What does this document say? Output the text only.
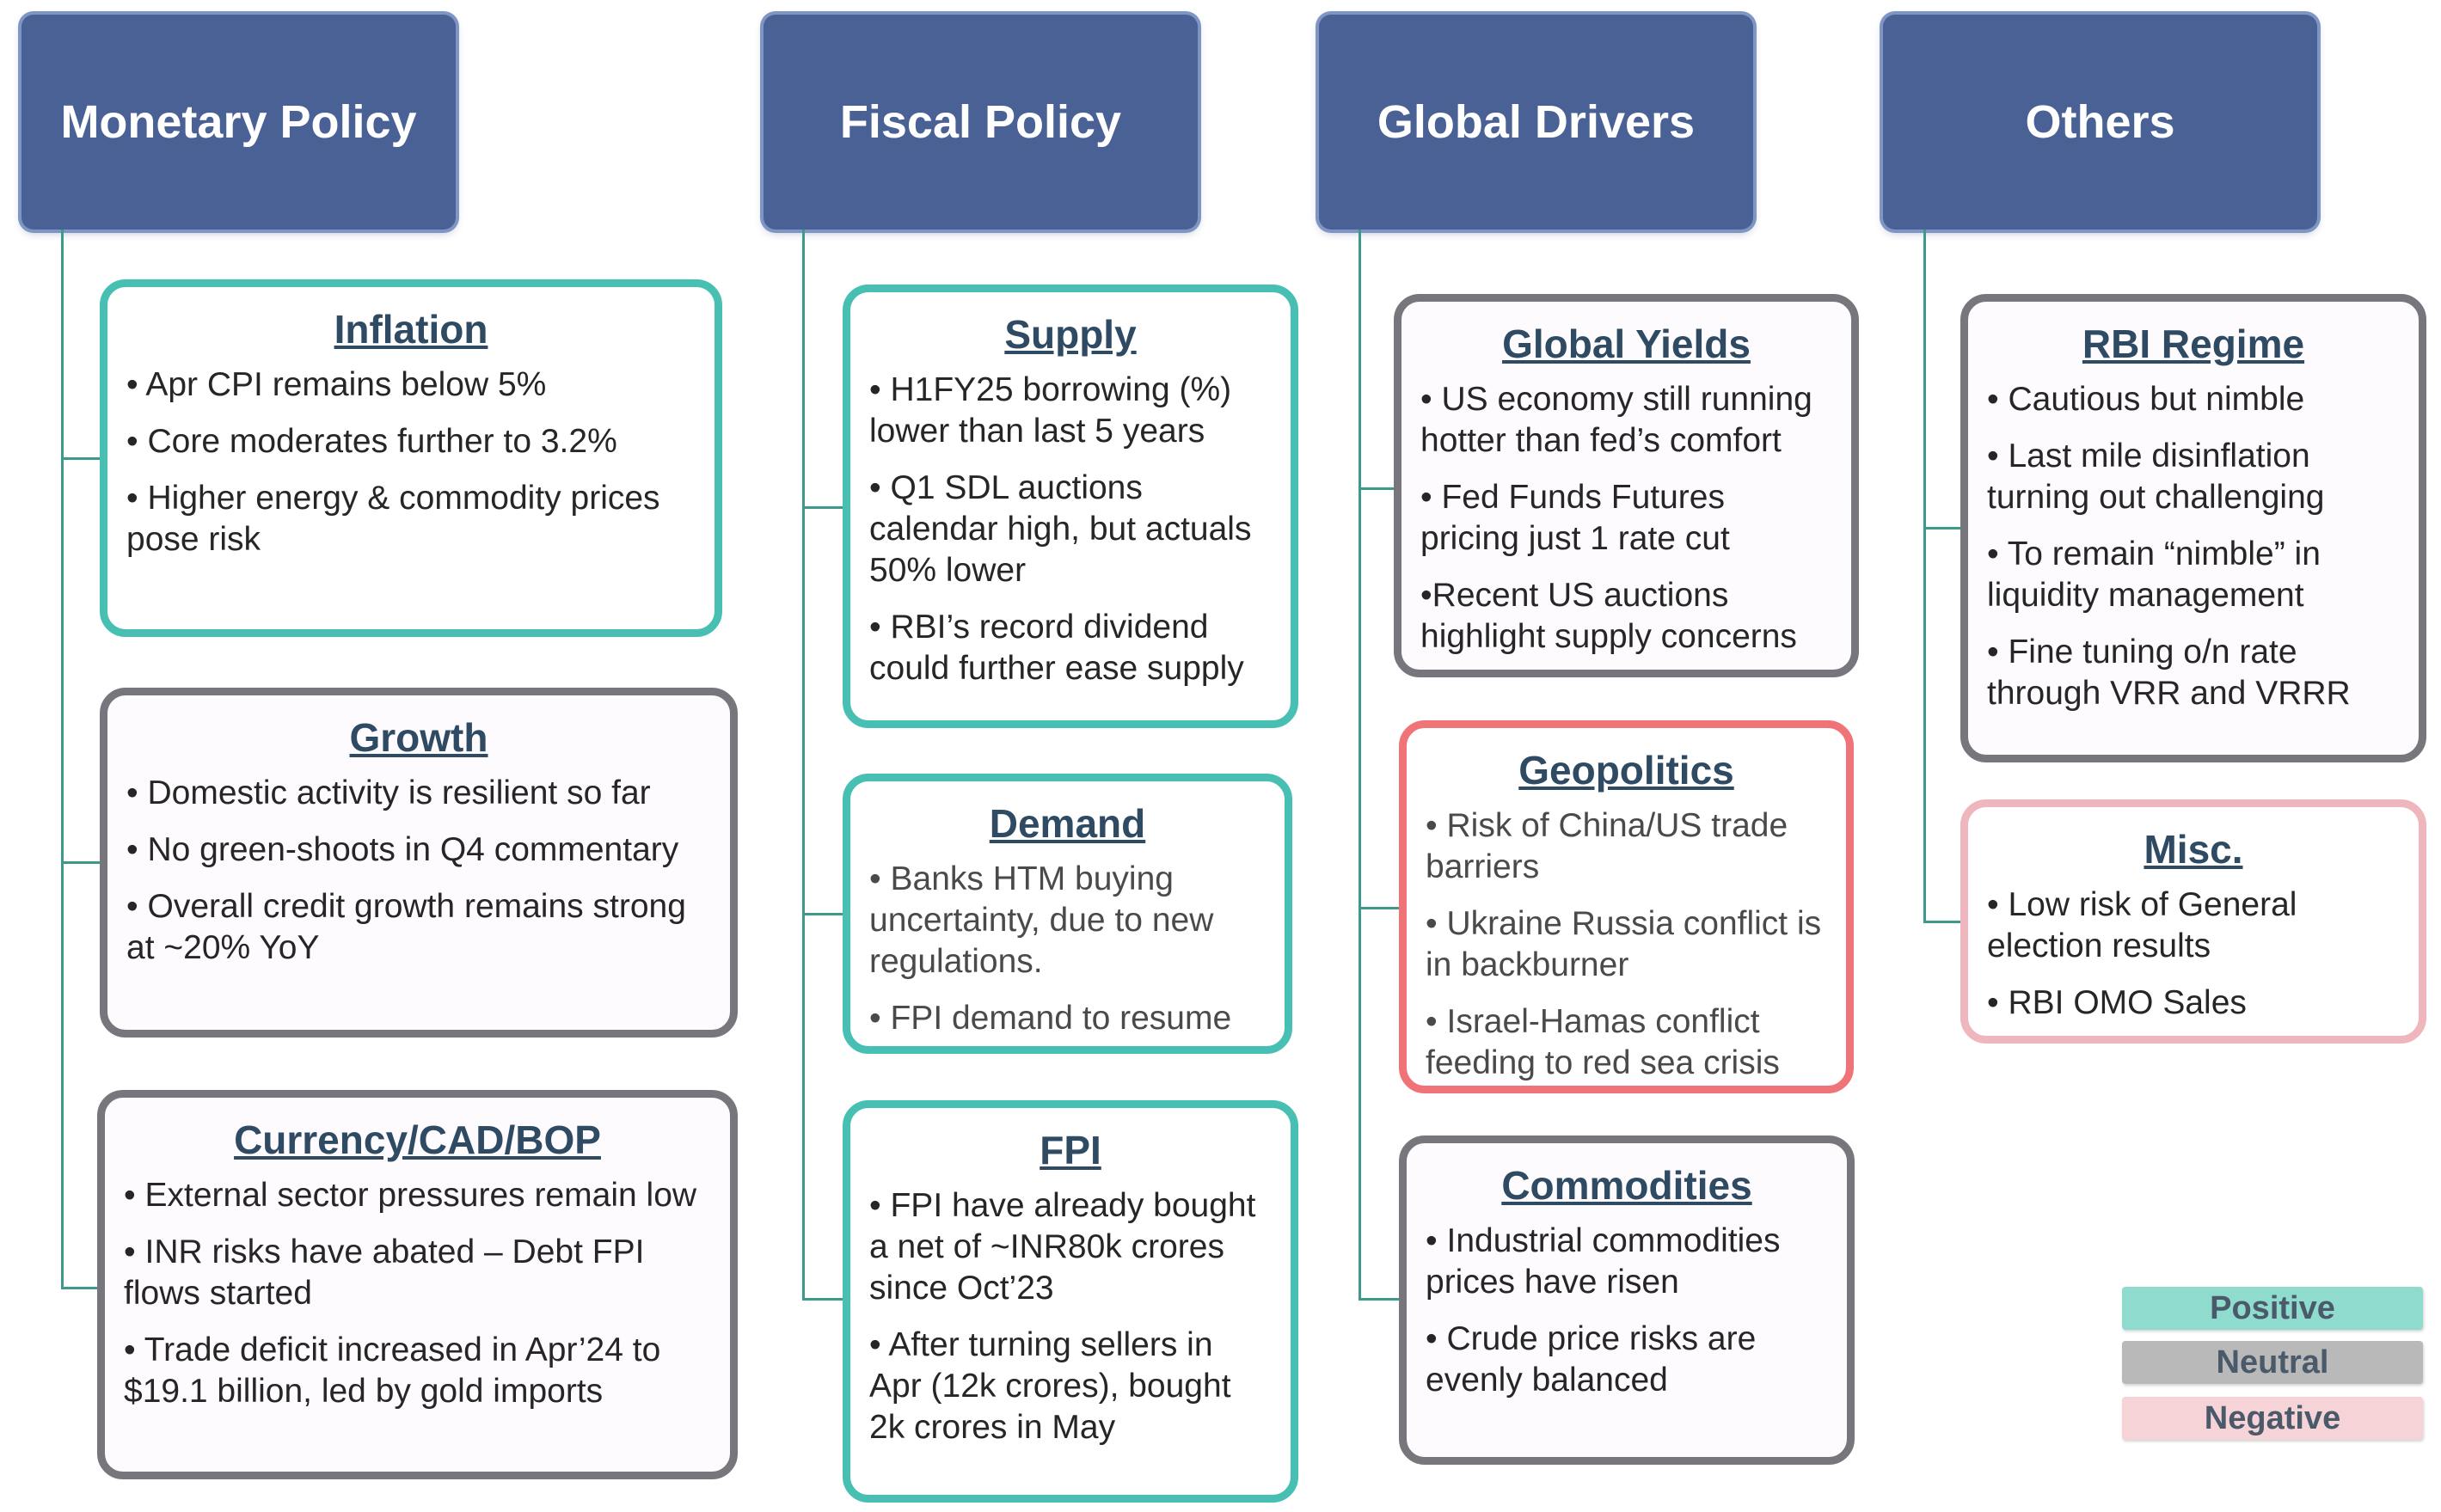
Monetary Policy	Fiscal Policy	Global Drivers	Others
Inflation
• Apr CPI remains below 5%
• Core moderates further to 3.2%
• Higher energy & commodity prices pose risk
Growth
• Domestic activity is resilient so far
• No green-shoots in Q4 commentary
• Overall credit growth remains strong at ~20% YoY
Currency/CAD/BOP
• External sector pressures remain low
• INR risks have abated – Debt FPI flows started
• Trade deficit increased in Apr’24 to $19.1 billion, led by gold imports
Supply
• H1FY25 borrowing (%) lower than last 5 years
• Q1 SDL auctions calendar high, but actuals 50% lower
• RBI’s record dividend could further ease supply
Demand
• Banks HTM buying uncertainty, due to new regulations.
• FPI demand to resume
FPI
• FPI have already bought a net of ~INR80k crores since Oct’23
• After turning sellers in Apr (12k crores), bought 2k crores in May
Global Yields
• US economy still running hotter than fed’s comfort
• Fed Funds Futures pricing just 1 rate cut
•Recent US auctions highlight supply concerns
Geopolitics
• Risk of China/US trade barriers
• Ukraine Russia conflict is in backburner
• Israel-Hamas conflict feeding to red sea crisis
Commodities
• Industrial commodities prices have risen
• Crude price risks are evenly balanced
RBI Regime
• Cautious but nimble
• Last mile disinflation turning out challenging
• To remain “nimble” in liquidity management
• Fine tuning o/n rate through VRR and VRRR
Misc.
• Low risk of General election results
• RBI OMO Sales
Positive
Neutral
Negative
